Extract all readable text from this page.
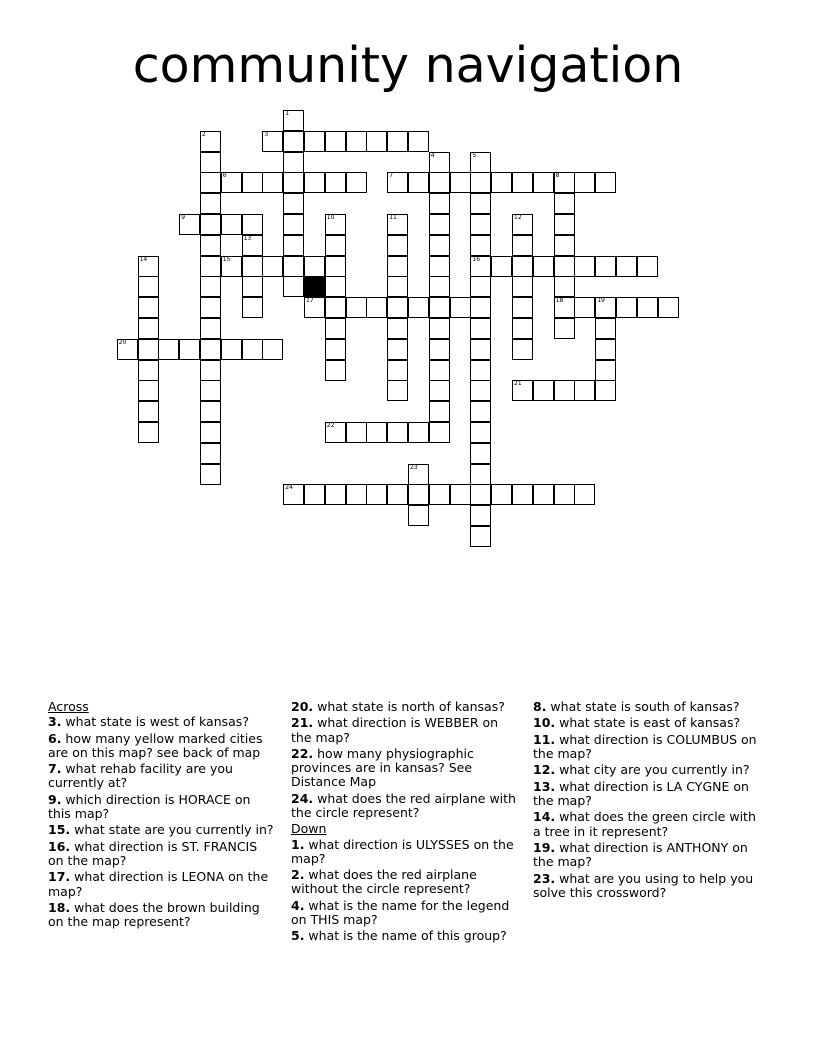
community navigation
1
2	3
4	5
6	7	8
9	10	11	12
13
14	15	16
17	18	19
20
21
22
23
24
Across
3. what state is west of kansas?
6. how many yellow marked cities are on this map? see back of map
7. what rehab facility are you currently at?
9. which direction is HORACE on this map?
15. what state are you currently in?
16. what direction is ST. FRANCIS on the map?
17. what direction is LEONA on the map?
18. what does the brown building on the map represent?
20. what state is north of kansas?
21. what direction is WEBBER on the map?
22. how many physiographic provinces are in kansas? See Distance Map
24. what does the red airplane with the circle represent?
Down
1. what direction is ULYSSES on the map?
2. what does the red airplane without the circle represent?
4. what is the name for the legend on THIS map?
5. what is the name of this group?
8. what state is south of kansas?
10. what state is east of kansas?
11. what direction is COLUMBUS on the map?
12. what city are you currently in?
13. what direction is LA CYGNE on the map?
14. what does the green circle with a tree in it represent?
19. what direction is ANTHONY on the map?
23. what are you using to help you solve this crossword?
